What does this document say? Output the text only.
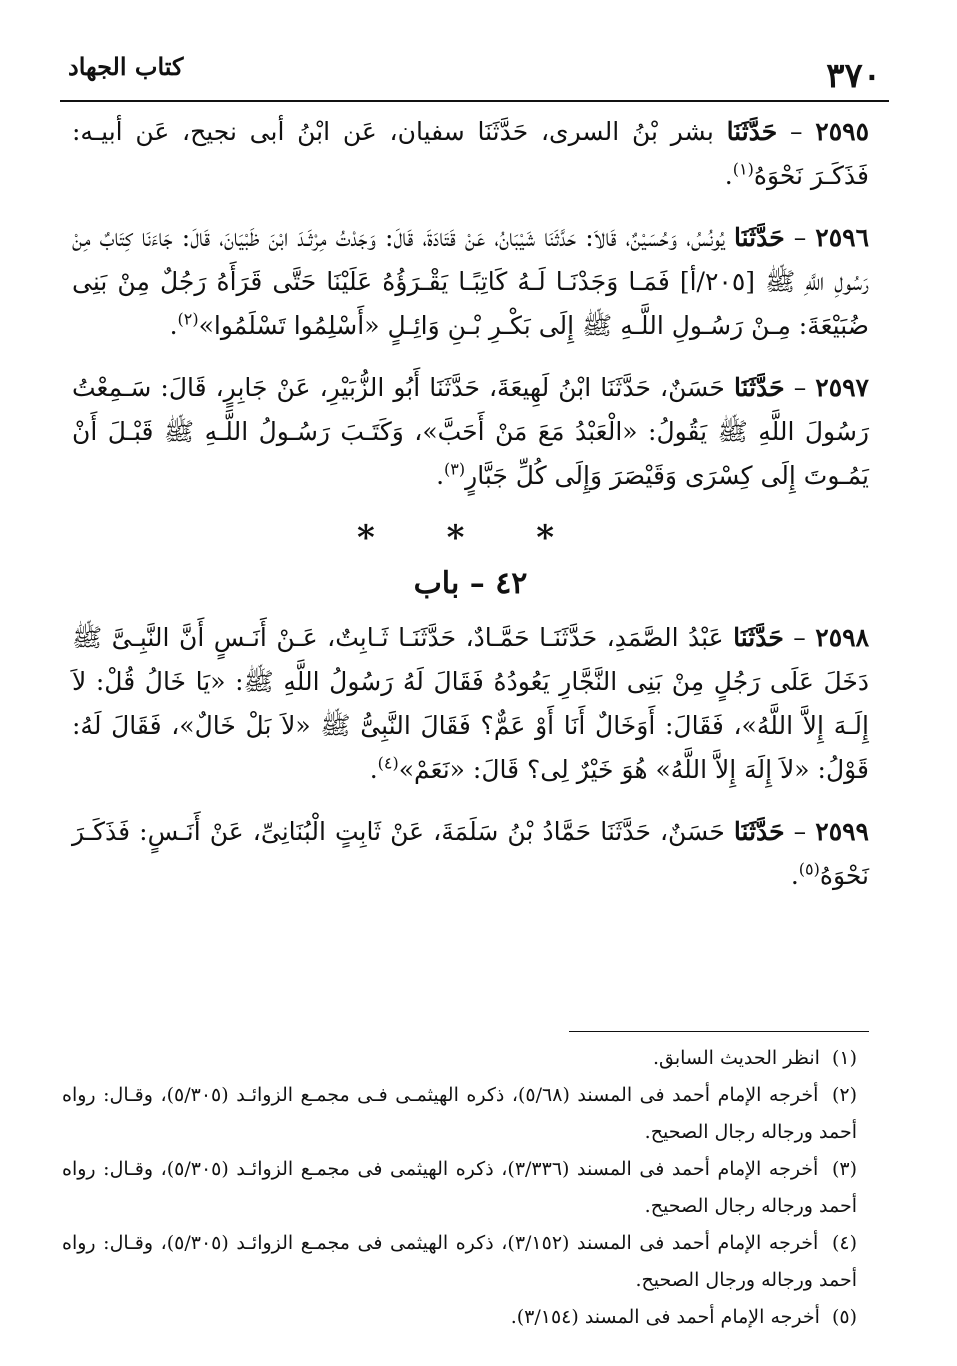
٣٧٠
كتاب الجهاد

٢٥٩٥ – حَدَّثَنَا بشر بْنُ السرى، حَدَّثَنَا سفيان، عَن ابْنُ أبى نجيح، عَن أبيـه: فَذَكَـرَ نَحْوَهُ$^{(١)}$.

٢٥٩٦ – حَدَّثَنَا يُونُسُ، وَحُسَيْنٌ، قَالاَ: حَدَّثَنَا شَيْبَانُ، عَنْ قَتَادَةَ، قَالَ: وَجَدْتُ مِرْثَـدَ ابْنَ ظَبْيَانَ، قَالَ: جَاءَنَا كِتَابٌ مِنْ رَسُولِ اللَّهِ ﷺ [٢٠٥/أ] فَمَـا وَجَدْنَـا لَـهُ كَاتِبًـا يَقْـرَؤُهُ عَلَيْنَا حَتَّى قَرَأَهُ رَجُلٌ مِنْ بَنِى ضُبَيْعَةَ: مِـنْ رَسُـولِ اللَّـهِ ﷺ إِلَى بَكْـرِ بْـنِ وَائِـلٍ «أَسْلِمُوا تَسْلَمُوا»$^{(٢)}$.

٢٥٩٧ – حَدَّثَنَا حَسَنٌ، حَدَّثَنَا ابْنُ لَهِيعَةَ، حَدَّثَنَا أَبُو الزُّبَيْرِ، عَنْ جَابِرٍ، قَالَ: سَـمِعْتُ رَسُولَ اللَّهِ ﷺ يَقُولُ: «الْعَبْدُ مَعَ مَنْ أَحَبَّ»، وَكَتَـبَ رَسُـولُ اللَّـهِ ﷺ قَبْـلَ أَنْ يَمُـوتَ إِلَى كِسْرَى وَقَيْصَرَ وَإِلَى كُلِّ جَبَّارٍ$^{(٣)}$.

* * *
٤٢ – باب

٢٥٩٨ – حَدَّثَنَا عَبْدُ الصَّمَدِ، حَدَّثَنَـا حَمَّـادٌ، حَدَّثَنَـا ثَـابِتٌ، عَـنْ أَنَـسٍ أَنَّ النَّبِـىَّ ﷺ دَخَلَ عَلَى رَجُلٍ مِنْ بَنِى النَّجَّارِ يَعُودُهُ فَقَالَ لَهُ رَسُولُ اللَّهِ ﷺ: «يَا خَالُ قُلْ: لاَ إِلَـهَ إِلاَّ اللَّهُ»، فَقَالَ: أَوَخَالٌ أَنَا أَوْ عَمٌّ؟ فَقَالَ النَّبِىُّ ﷺ «لاَ بَلْ خَالٌ»، فَقَالَ لَهُ: قَوْلُ: «لاَ إِلَهَ إِلاَّ اللَّهُ» هُوَ خَيْرٌ لِى؟ قَالَ: «نَعَمْ»$^{(٤)}$.

٢٥٩٩ – حَدَّثَنَا حَسَنٌ، حَدَّثَنَا حَمَّادُ بْنُ سَلَمَةَ، عَنْ ثَابِتٍ الْبُنَانِىِّ، عَنْ أَنَـسٍ: فَذَكَـرَ نَحْوَهُ$^{(٥)}$.

(١) انظر الحديث السابق.

(٢) أخرجه الإمام أحمد فى المسند (٥/٦٨)، ذكره الهيثمـى فـى مجمـع الزوائـد (٥/٣٠٥)، وقـال: رواه أحمد ورجاله رجال الصحيح.

(٣) أخرجه الإمام أحمد فى المسند (٣/٣٣٦)، ذكره الهيثمى فى مجمـع الزوائـد (٥/٣٠٥)، وقـال: رواه أحمد ورجاله رجال الصحيح.

(٤) أخرجه الإمام أحمد فى المسند (٣/١٥٢)، ذكره الهيثمى فى مجمـع الزوائـد (٥/٣٠٥)، وقـال: رواه أحمد ورجاله ورجال الصحيح.

(٥) أخرجه الإمام أحمد فى المسند (٣/١٥٤).
